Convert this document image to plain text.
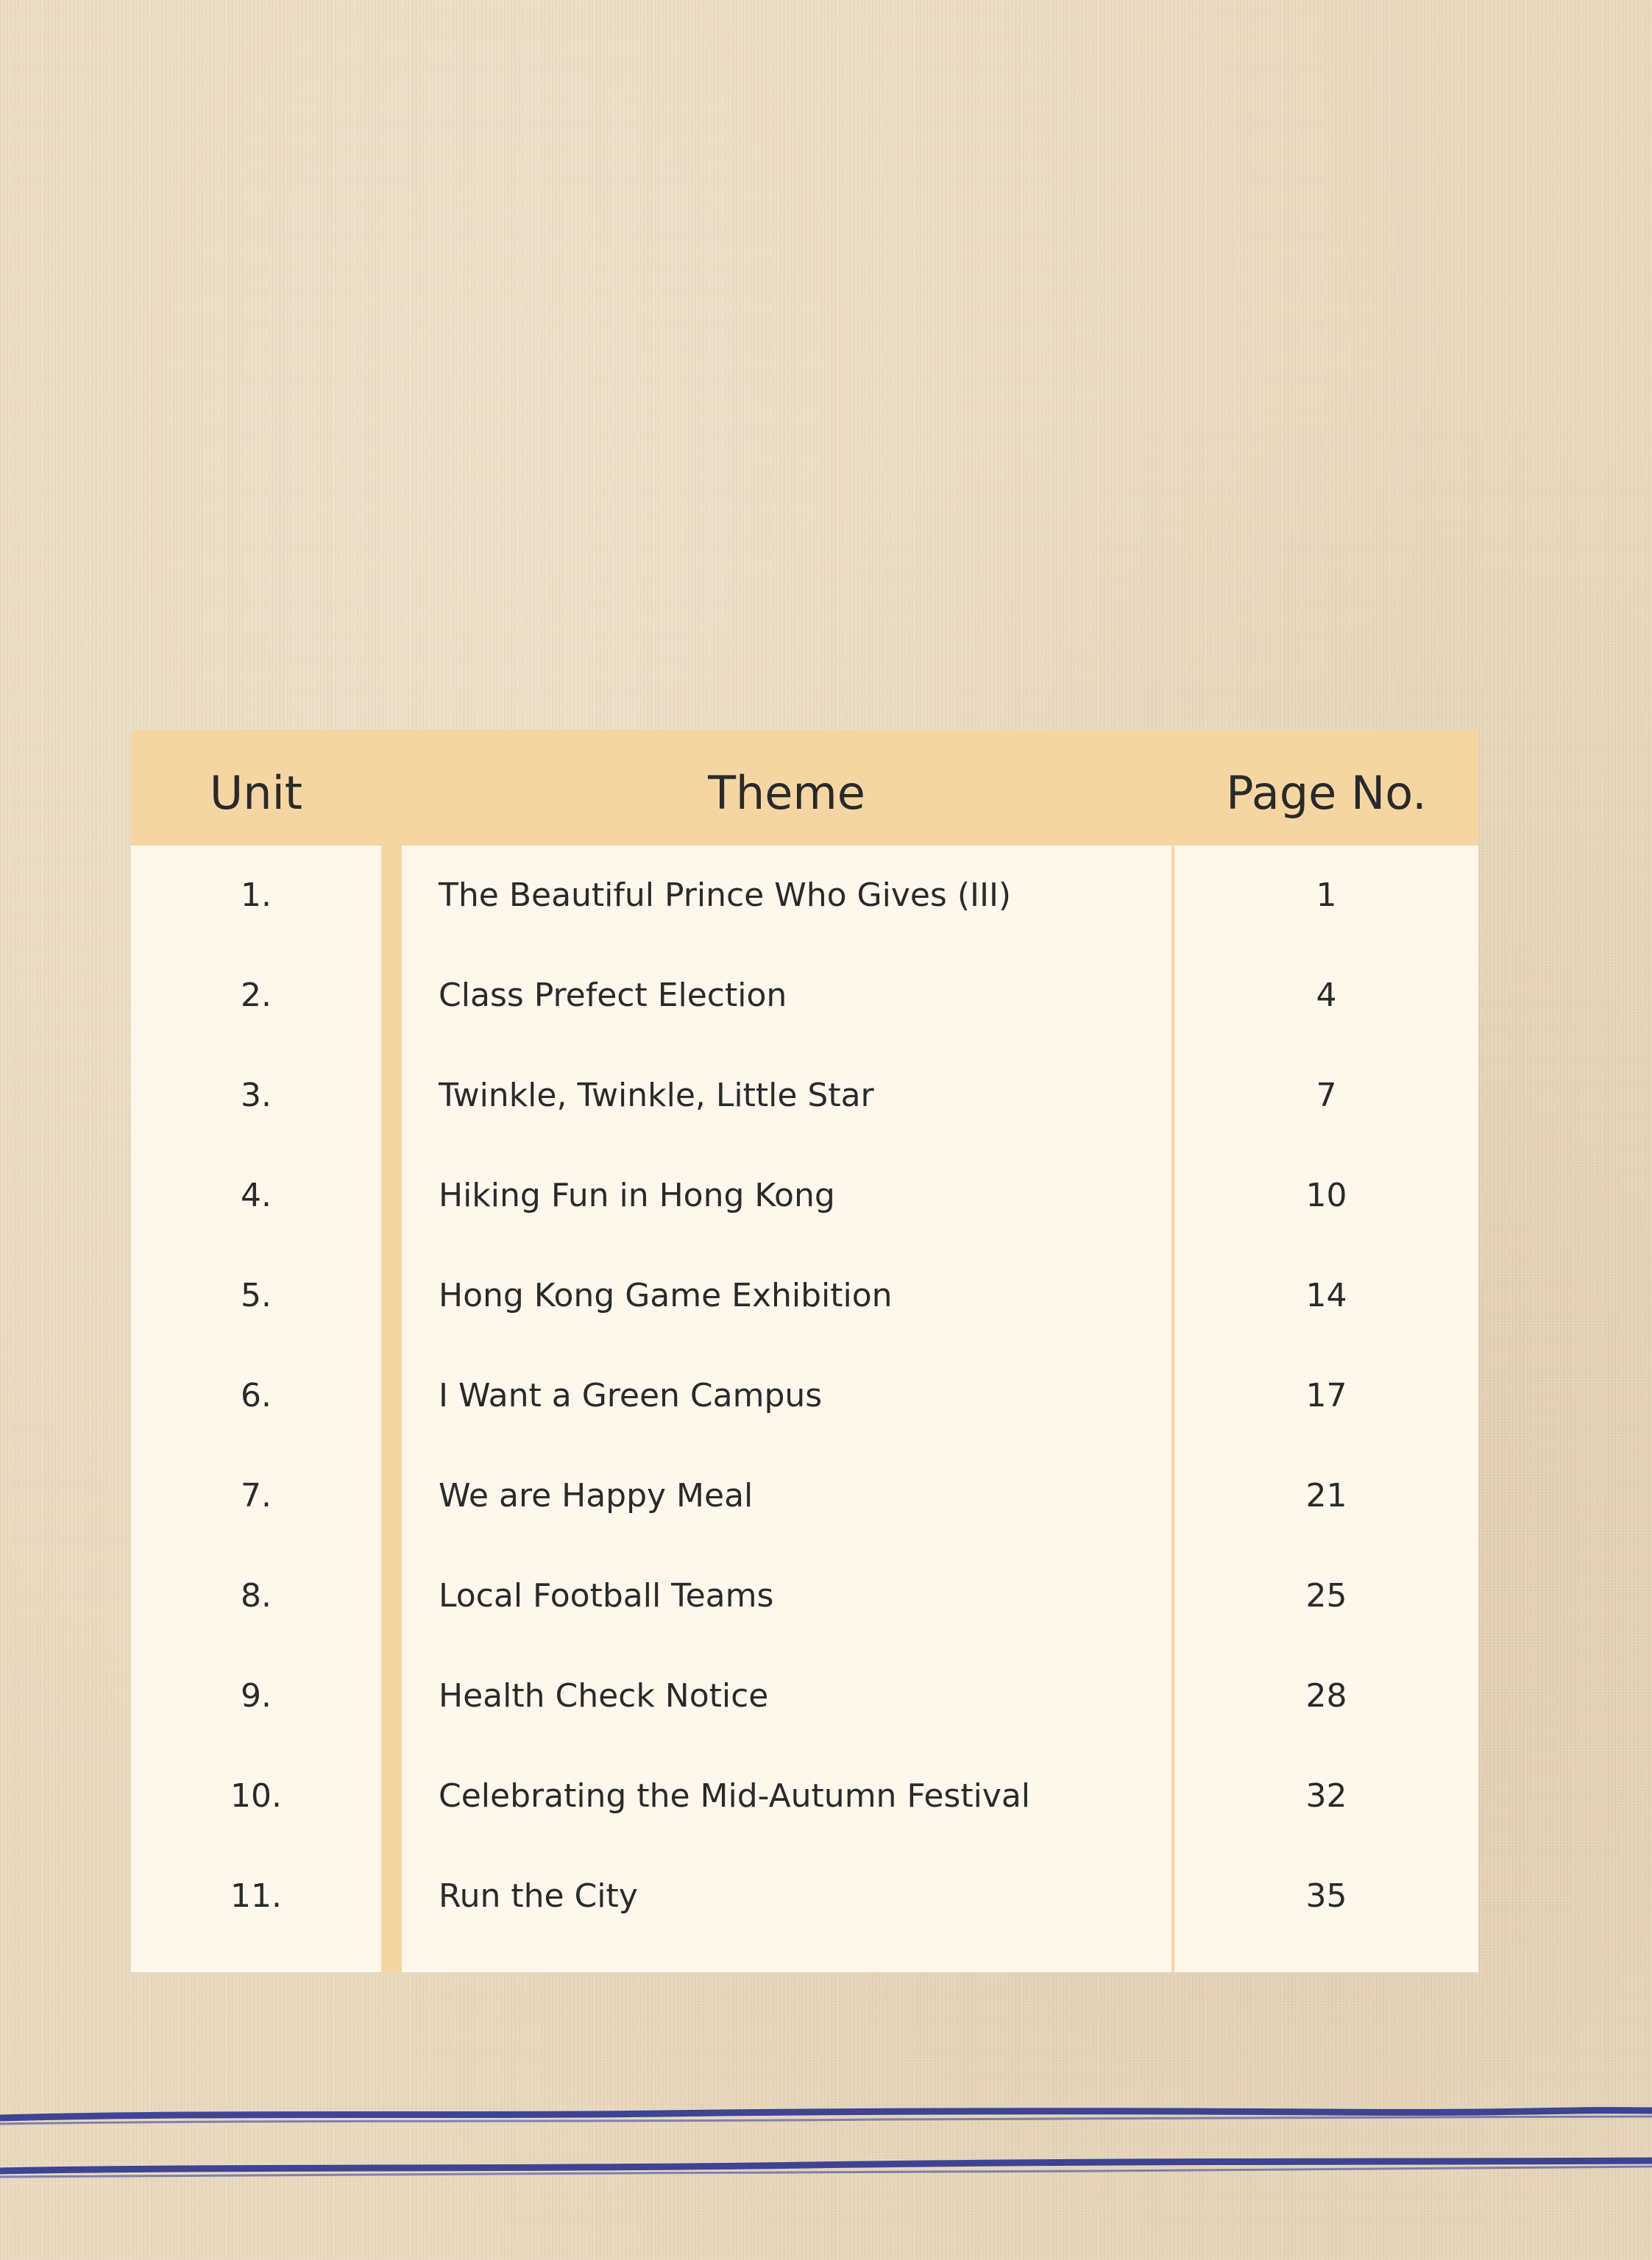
Unit	Theme	Page No.
1.
2.
3.
4.
5.
6.
7.
8.
9.
10.
11.
The Beautiful Prince Who Gives (III)
Class Prefect Election
Twinkle, Twinkle, Little Star
Hiking Fun in Hong Kong
Hong Kong Game Exhibition
I Want a Green Campus
We are Happy Meal
Local Football Teams
Health Check Notice
Celebrating the Mid-Autumn Festival
Run the City
1
4
7
10
14
17
21
25
28
32
35
